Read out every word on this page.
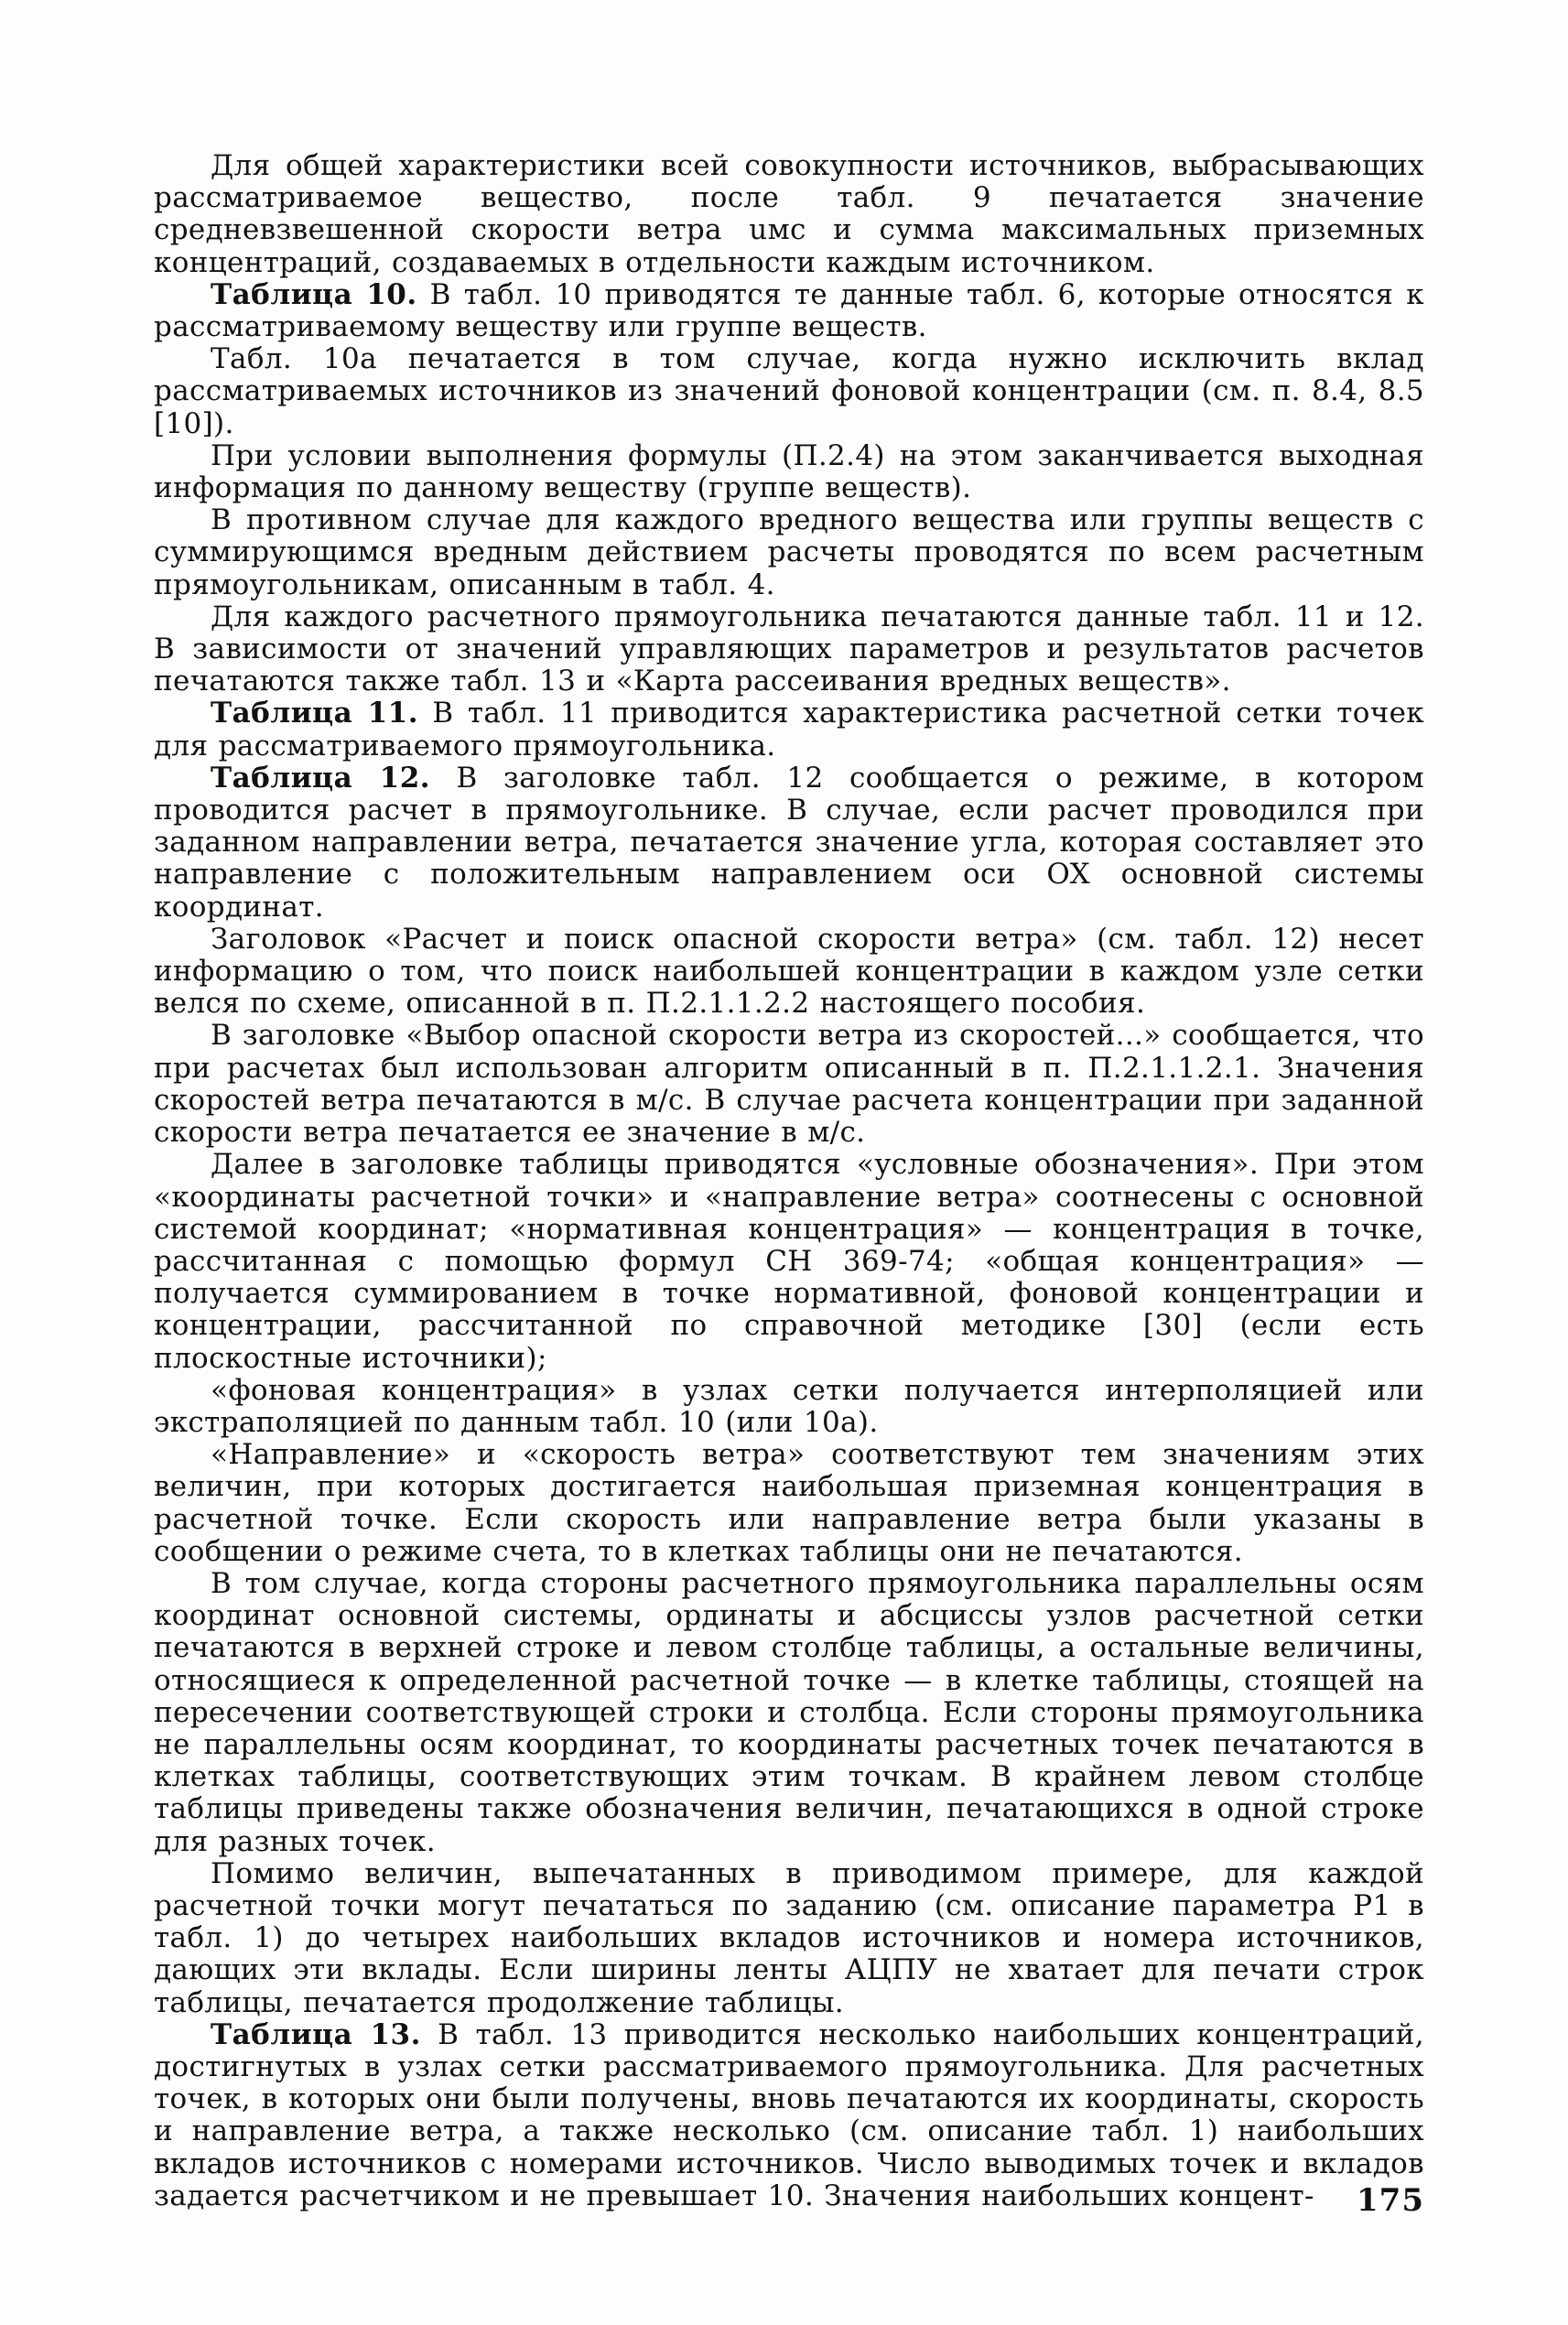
Для общей характеристики всей совокупности источников, выбрасывающих рассматриваемое вещество, после табл. 9 печатается значение средневзвешенной скорости ветра uмс и сумма максимальных приземных концентраций, создаваемых в отдельности каждым источником.

Таблица 10. В табл. 10 приводятся те данные табл. 6, которые относятся к рассматриваемому веществу или группе веществ.

Табл. 10а печатается в том случае, когда нужно исключить вклад рассматриваемых источников из значений фоновой концентрации (см. п. 8.4, 8.5 [10]).

При условии выполнения формулы (П.2.4) на этом заканчивается выходная информация по данному веществу (группе веществ).

В противном случае для каждого вредного вещества или группы веществ с суммирующимся вредным действием расчеты проводятся по всем расчетным прямоугольникам, описанным в табл. 4.

Для каждого расчетного прямоугольника печатаются данные табл. 11 и 12. В зависимости от значений управляющих параметров и результатов расчетов печатаются также табл. 13 и «Карта рассеивания вредных веществ».

Таблица 11. В табл. 11 приводится характеристика расчетной сетки точек для рассматриваемого прямоугольника.

Таблица 12. В заголовке табл. 12 сообщается о режиме, в котором проводится расчет в прямоугольнике. В случае, если расчет проводился при заданном направлении ветра, печатается значение угла, которая составляет это направление с положительным направлением оси OX основной системы координат.

Заголовок «Расчет и поиск опасной скорости ветра» (см. табл. 12) несет информацию о том, что поиск наибольшей концентрации в каждом узле сетки велся по схеме, описанной в п. П.2.1.1.2.2 настоящего пособия.

В заголовке «Выбор опасной скорости ветра из скоростей...» сообщается, что при расчетах был использован алгоритм описанный в п. П.2.1.1.2.1. Значения скоростей ветра печатаются в м/с. В случае расчета концентрации при заданной скорости ветра печатается ее значение в м/с.

Далее в заголовке таблицы приводятся «условные обозначения». При этом «координаты расчетной точки» и «направление ветра» соотнесены с основной системой координат; «нормативная концентрация» — концентрация в точке, рассчитанная с помощью формул СН 369-74; «общая концентрация» — получается суммированием в точке нормативной, фоновой концентрации и концентрации, рассчитанной по справочной методике [30] (если есть плоскостные источники);

«фоновая концентрация» в узлах сетки получается интерполяцией или экстраполяцией по данным табл. 10 (или 10а).

«Направление» и «скорость ветра» соответствуют тем значениям этих величин, при которых достигается наибольшая приземная концентрация в расчетной точке. Если скорость или направление ветра были указаны в сообщении о режиме счета, то в клетках таблицы они не печатаются.

В том случае, когда стороны расчетного прямоугольника параллельны осям координат основной системы, ординаты и абсциссы узлов расчетной сетки печатаются в верхней строке и левом столбце таблицы, а остальные величины, относящиеся к определенной расчетной точке — в клетке таблицы, стоящей на пересечении соответствующей строки и столбца. Если стороны прямоугольника не параллельны осям координат, то координаты расчетных точек печатаются в клетках таблицы, соответствующих этим точкам. В крайнем левом столбце таблицы приведены также обозначения величин, печатающихся в одной строке для разных точек.

Помимо величин, выпечатанных в приводимом примере, для каждой расчетной точки могут печататься по заданию (см. описание параметра P1 в табл. 1) до четырех наибольших вкладов источников и номера источников, дающих эти вклады. Если ширины ленты АЦПУ не хватает для печати строк таблицы, печатается продолжение таблицы.

Таблица 13. В табл. 13 приводится несколько наибольших концентраций, достигнутых в узлах сетки рассматриваемого прямоугольника. Для расчетных точек, в которых они были получены, вновь печатаются их координаты, скорость и направление ветра, а также несколько (см. описание табл. 1) наибольших вкладов источников с номерами источников. Число выводимых точек и вкладов задается расчетчиком и не превышает 10. Значения наибольших концент-	175
